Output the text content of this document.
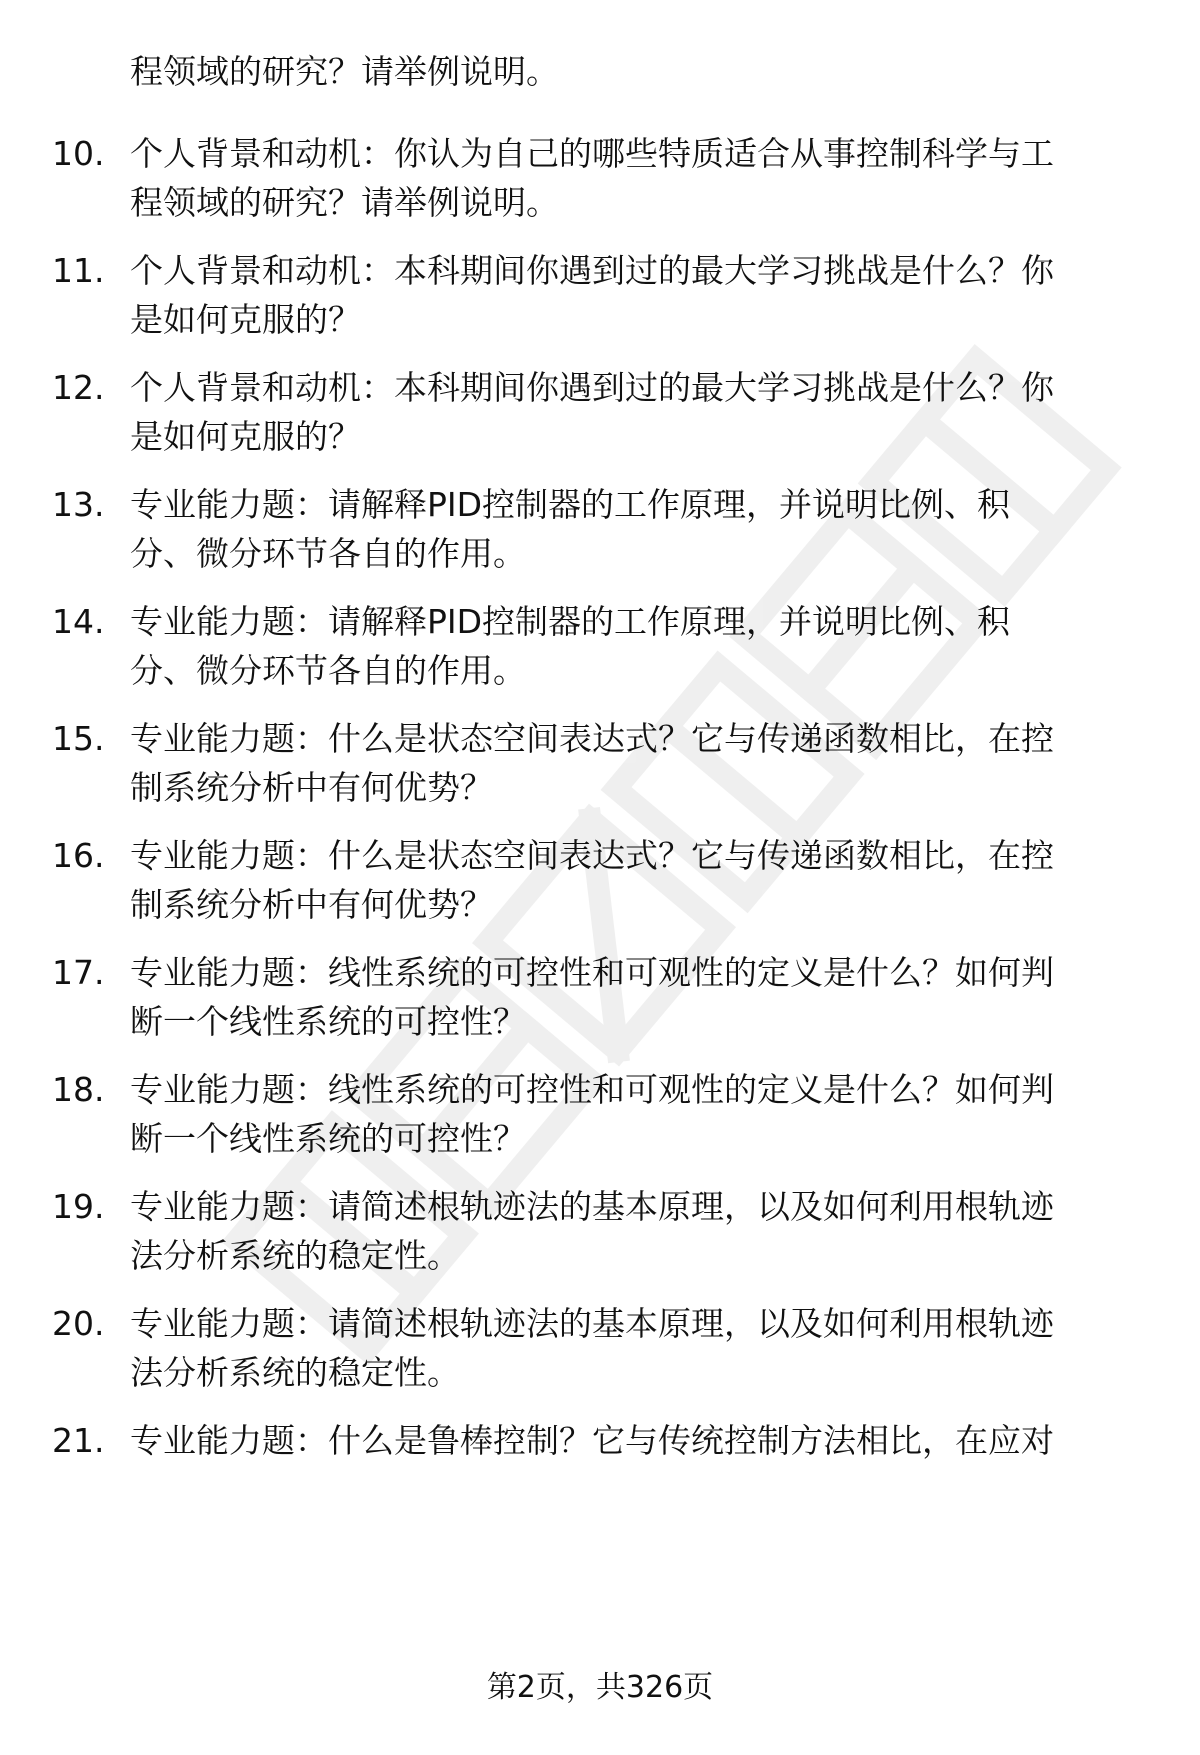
程领域的研究？请举例说明。
10. 个人背景和动机：你认为自己的哪些特质适合从事控制科学与工
程领域的研究？请举例说明。
11. 个人背景和动机：本科期间你遇到过的最大学习挑战是什么？你
是如何克服的？
12. 个人背景和动机：本科期间你遇到过的最大学习挑战是什么？你
是如何克服的？
13. 专业能力题：请解释PID控制器的工作原理，并说明比例、积
分、微分环节各自的作用。
14. 专业能力题：请解释PID控制器的工作原理，并说明比例、积
分、微分环节各自的作用。
15. 专业能力题：什么是状态空间表达式？它与传递函数相比，在控
制系统分析中有何优势？
16. 专业能力题：什么是状态空间表达式？它与传递函数相比，在控
制系统分析中有何优势？
17. 专业能力题：线性系统的可控性和可观性的定义是什么？如何判
断一个线性系统的可控性？
18. 专业能力题：线性系统的可控性和可观性的定义是什么？如何判
断一个线性系统的可控性？
19. 专业能力题：请简述根轨迹法的基本原理，以及如何利用根轨迹
法分析系统的稳定性。
20. 专业能力题：请简述根轨迹法的基本原理，以及如何利用根轨迹
法分析系统的稳定性。
21. 专业能力题：什么是鲁棒控制？它与传统控制方法相比，在应对
第2页，共326页
